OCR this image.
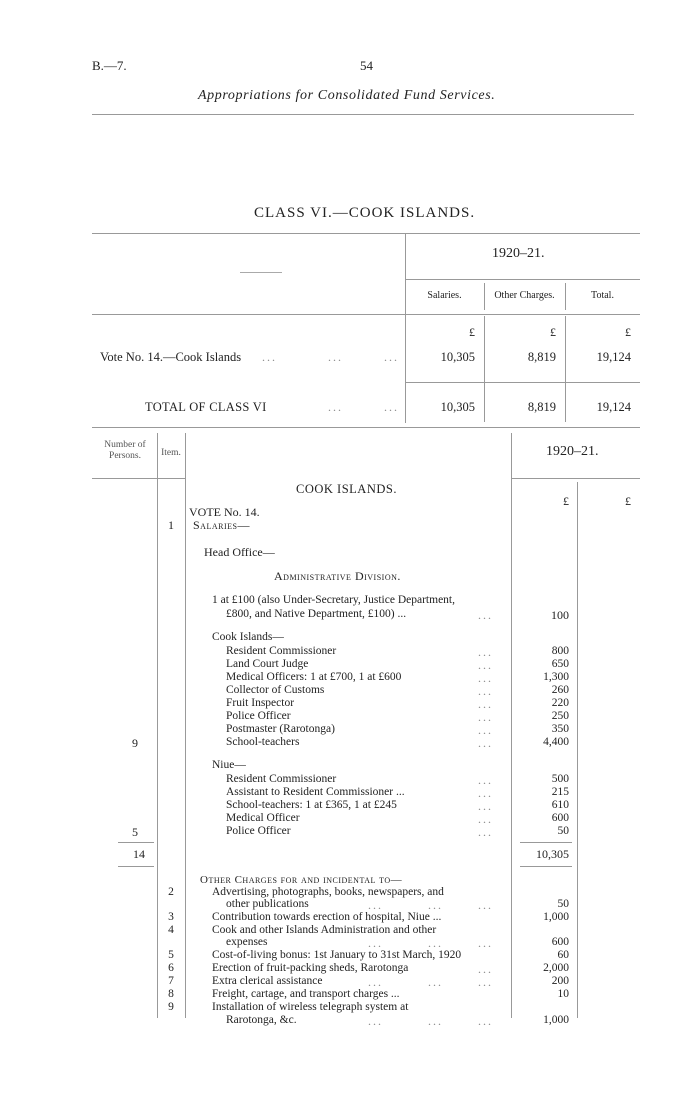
B.—7.	54
Appropriations for Consolidated Fund Services.
CLASS VI.—COOK ISLANDS.
1920–21.
Salaries.	Other Charges.	Total.
£	£	£
Vote No. 14.—Cook Islands ...	...	...	10,305	8,819	19,124
TOTAL OF CLASS VI	...	...	10,305	8,819	19,124
Number of Persons.	Item.	1920–21.
£	£
COOK ISLANDS.
VOTE No. 14.
1	Salaries—
Head Office—
Administrative Division.
1 at £100 (also Under-Secretary, Justice Department,
£800, and Native Department, £100) ...	...	100
Cook Islands—
Resident Commissioner	...	800
Land Court Judge	...	650
Medical Officers: 1 at £700, 1 at £600	...	1,300
Collector of Customs	...	260
Fruit Inspector	...	220
Police Officer	...	250
Postmaster (Rarotonga)	...	350
9	School-teachers	...	4,400
Niue—
Resident Commissioner	...	500
Assistant to Resident Commissioner ...	...	215
School-teachers: 1 at £365, 1 at £245	...	610
Medical Officer	...	600
5	Police Officer	...	50
14	10,305
Other Charges for and incidental to—
2	Advertising, photographs, books, newspapers, and
other publications	...	...	...	50
3	Contribution towards erection of hospital, Niue ...	1,000
4	Cook and other Islands Administration and other
expenses	...	...	...	600
5	Cost-of-living bonus: 1st January to 31st March, 1920	60
6	Erection of fruit-packing sheds, Rarotonga	...	2,000
7	Extra clerical assistance	...	...	...	200
8	Freight, cartage, and transport charges ...	10
9	Installation of wireless telegraph system at
Rarotonga, &c.	...	...	...	1,000
